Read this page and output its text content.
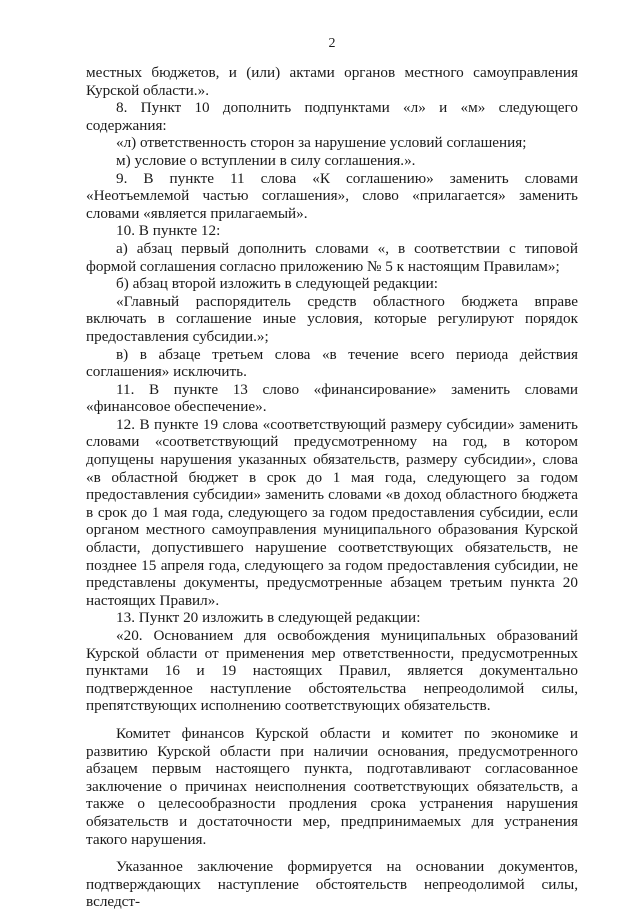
2

местных бюджетов, и (или) актами органов местного самоуправления Курской области.».

8. Пункт 10 дополнить подпунктами «л» и «м» следующего содержания:

«л) ответственность сторон за нарушение условий соглашения;

м) условие о вступлении в силу соглашения.».

9. В пункте 11 слова «К соглашению» заменить словами «Неотъемлемой частью соглашения», слово «прилагается» заменить словами «является прилагаемый».

10. В пункте 12:

а) абзац первый дополнить словами «, в соответствии с типовой формой соглашения согласно приложению № 5 к настоящим Правилам»;

б) абзац второй изложить в следующей редакции:

«Главный распорядитель средств областного бюджета вправе включать в соглашение иные условия, которые регулируют порядок предоставления субсидии.»;

в) в абзаце третьем слова «в течение всего периода действия соглашения» исключить.

11. В пункте 13 слово «финансирование» заменить словами «финансовое обеспечение».

12. В пункте 19 слова «соответствующий размеру субсидии» заменить словами «соответствующий предусмотренному на год, в котором допущены нарушения указанных обязательств, размеру субсидии», слова «в областной бюджет в срок до 1 мая года, следующего за годом предоставления субсидии» заменить словами «в доход областного бюджета в срок до 1 мая года, следующего за годом предоставления субсидии, если органом местного самоуправления муниципального образования Курской области, допустившего нарушение соответствующих обязательств, не позднее 15 апреля года, следующего за годом предоставления субсидии, не представлены документы, предусмотренные абзацем третьим пункта 20 настоящих Правил».

13. Пункт 20 изложить в следующей редакции:

«20. Основанием для освобождения муниципальных образований Курской области от применения мер ответственности, предусмотренных пунктами 16 и 19 настоящих Правил, является документально подтвержденное наступление обстоятельства непреодолимой силы, препятствующих исполнению соответствующих обязательств.

Комитет финансов Курской области и комитет по экономике и развитию Курской области при наличии основания, предусмотренного абзацем первым настоящего пункта, подготавливают согласованное заключение о причинах неисполнения соответствующих обязательств, а также о целесообразности продления срока устранения нарушения обязательств и достаточности мер, предпринимаемых для устранения такого нарушения.

Указанное заключение формируется на основании документов, подтверждающих наступление обстоятельств непреодолимой силы, вследст-
